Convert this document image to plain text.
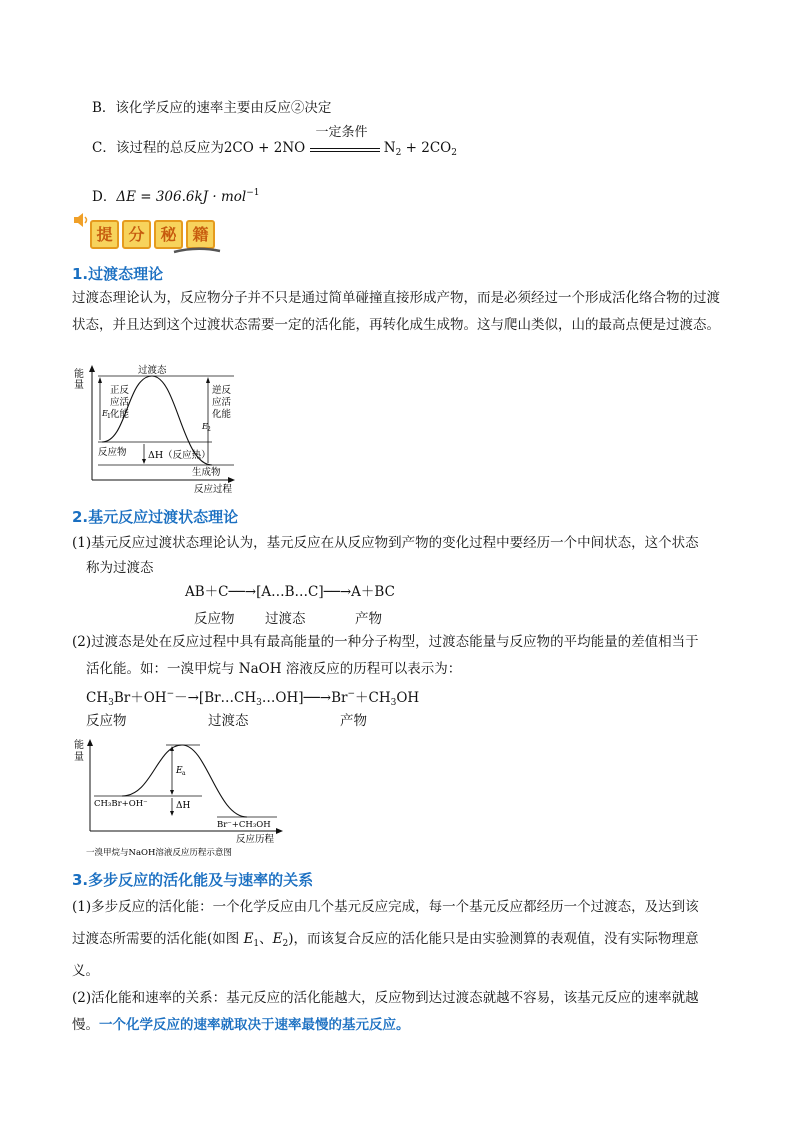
B．该化学反应的速率主要由反应②决定
C．该过程的总反应为2CO + 2NO
一定条件
$N_2 + 2CO_2$
D．ΔE = 306.6kJ · mol$^{-1}$
提 分 秘 籍
1.过渡态理论
过渡态理论认为，反应物分子并不只是通过简单碰撞直接形成产物，而是必须经过一个形成活化络合物的过渡状态，并且达到这个过渡状态需要一定的活化能，再转化成生成物。这与爬山类似，山的最高点便是过渡态。
能
量
过渡态
正反
应活
化能
E 1
逆反
应活
化能
E 2
反应物 ΔH（反应热）
生成物
反应过程
2.基元反应过渡状态理论
(1)基元反应过渡状态理论认为，基元反应在从反应物到产物的变化过程中要经历一个中间状态，这个状态
称为过渡态
AB＋C──→[A…B…C]──→A＋BC
反应物 过渡态	产物
(2)过渡态是处在反应过程中具有最高能量的一种分子构型，过渡态能量与反应物的平均能量的差值相当于
活化能。如：一溴甲烷与 NaOH 溶液反应的历程可以表示为：
$CH_3Br+OH^--\to[Br\dots CH_3\dots OH]──\to Br^-+CH_3OH$
反应物	过渡态	产物
能
量
E a
ΔH
CH₃Br+OH⁻
Br⁻+CH₃OH
反应历程
一溴甲烷与NaOH溶液反应历程示意图
3.多步反应的活化能及与速率的关系
(1)多步反应的活化能：一个化学反应由几个基元反应完成，每一个基元反应都经历一个过渡态，及达到该
过渡态所需要的活化能(如图 $E_1$、$E_2$)，而该复合反应的活化能只是由实验测算的表观值，没有实际物理意
义。
(2)活化能和速率的关系：基元反应的活化能越大，反应物到达过渡态就越不容易，该基元反应的速率就越
慢。一个化学反应的速率就取决于速率最慢的基元反应。
